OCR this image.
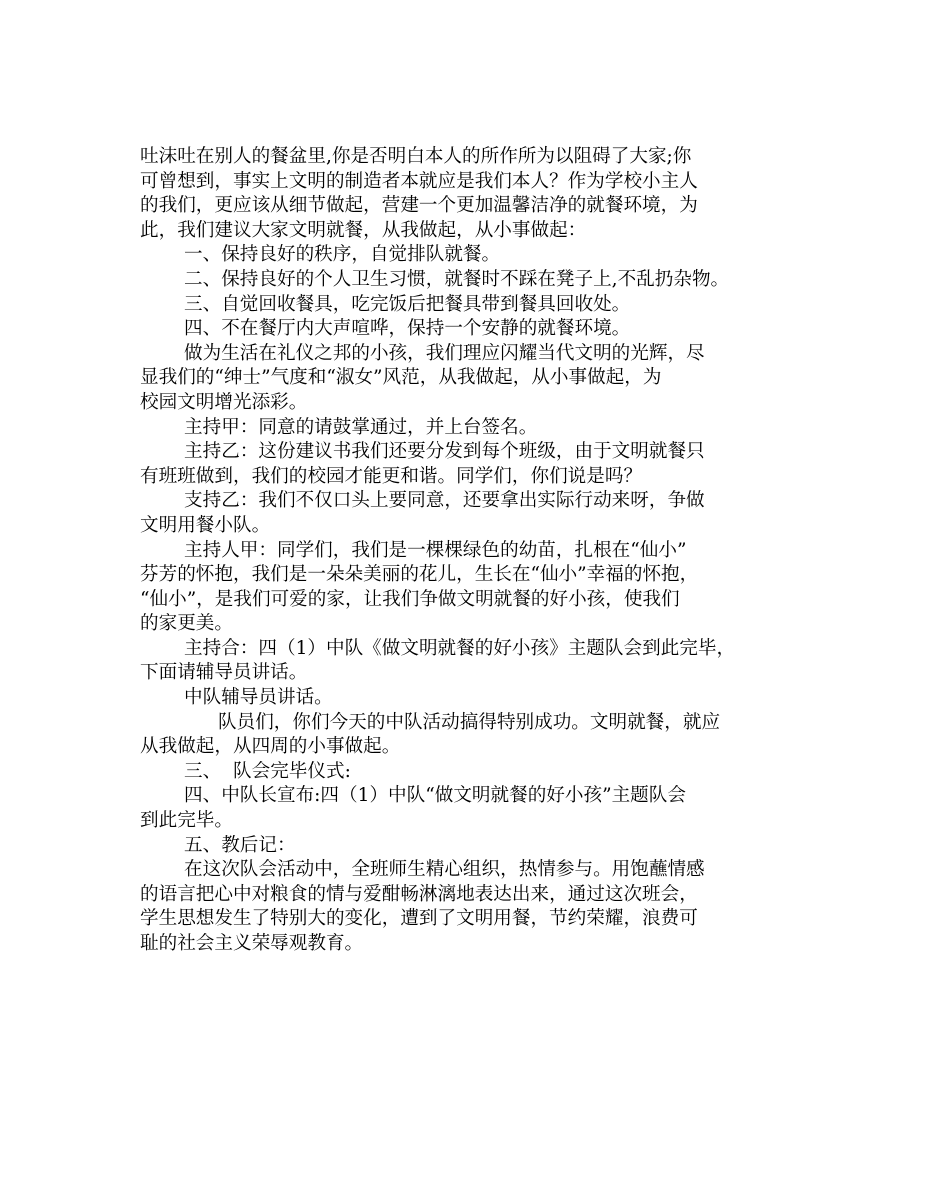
吐沫吐在别人的餐盆里,你是否明白本人的所作所为以阻碍了大家;你
可曾想到，事实上文明的制造者本就应是我们本人？作为学校小主人
的我们，更应该从细节做起，营建一个更加温馨洁净的就餐环境，为
此，我们建议大家文明就餐，从我做起，从小事做起：
一、保持良好的秩序，自觉排队就餐。
二、保持良好的个人卫生习惯，就餐时不踩在凳子上,不乱扔杂物。
三、自觉回收餐具，吃完饭后把餐具带到餐具回收处。
四、不在餐厅内大声喧哗，保持一个安静的就餐环境。
做为生活在礼仪之邦的小孩，我们理应闪耀当代文明的光辉，尽
显我们的“绅士”气度和“淑女”风范，从我做起，从小事做起，为
校园文明增光添彩。
主持甲：同意的请鼓掌通过，并上台签名。
主持乙：这份建议书我们还要分发到每个班级，由于文明就餐只
有班班做到，我们的校园才能更和谐。同学们，你们说是吗？
支持乙：我们不仅口头上要同意，还要拿出实际行动来呀，争做
文明用餐小队。
主持人甲：同学们，我们是一棵棵绿色的幼苗，扎根在“仙小”
芬芳的怀抱，我们是一朵朵美丽的花儿，生长在“仙小”幸福的怀抱，
“仙小”，是我们可爱的家，让我们争做文明就餐的好小孩，使我们
的家更美。
主持合：四（1）中队《做文明就餐的好小孩》主题队会到此完毕，
下面请辅导员讲话。
中队辅导员讲话。
队员们，你们今天的中队活动搞得特别成功。文明就餐，就应
从我做起，从四周的小事做起。
三、  队会完毕仪式:
四、中队长宣布:四（1）中队“做文明就餐的好小孩”主题队会
到此完毕。
五、教后记：
在这次队会活动中，全班师生精心组织，热情参与。用饱蘸情感
的语言把心中对粮食的情与爱酣畅淋漓地表达出来，通过这次班会，
学生思想发生了特别大的变化，遭到了文明用餐，节约荣耀，浪费可
耻的社会主义荣辱观教育。
